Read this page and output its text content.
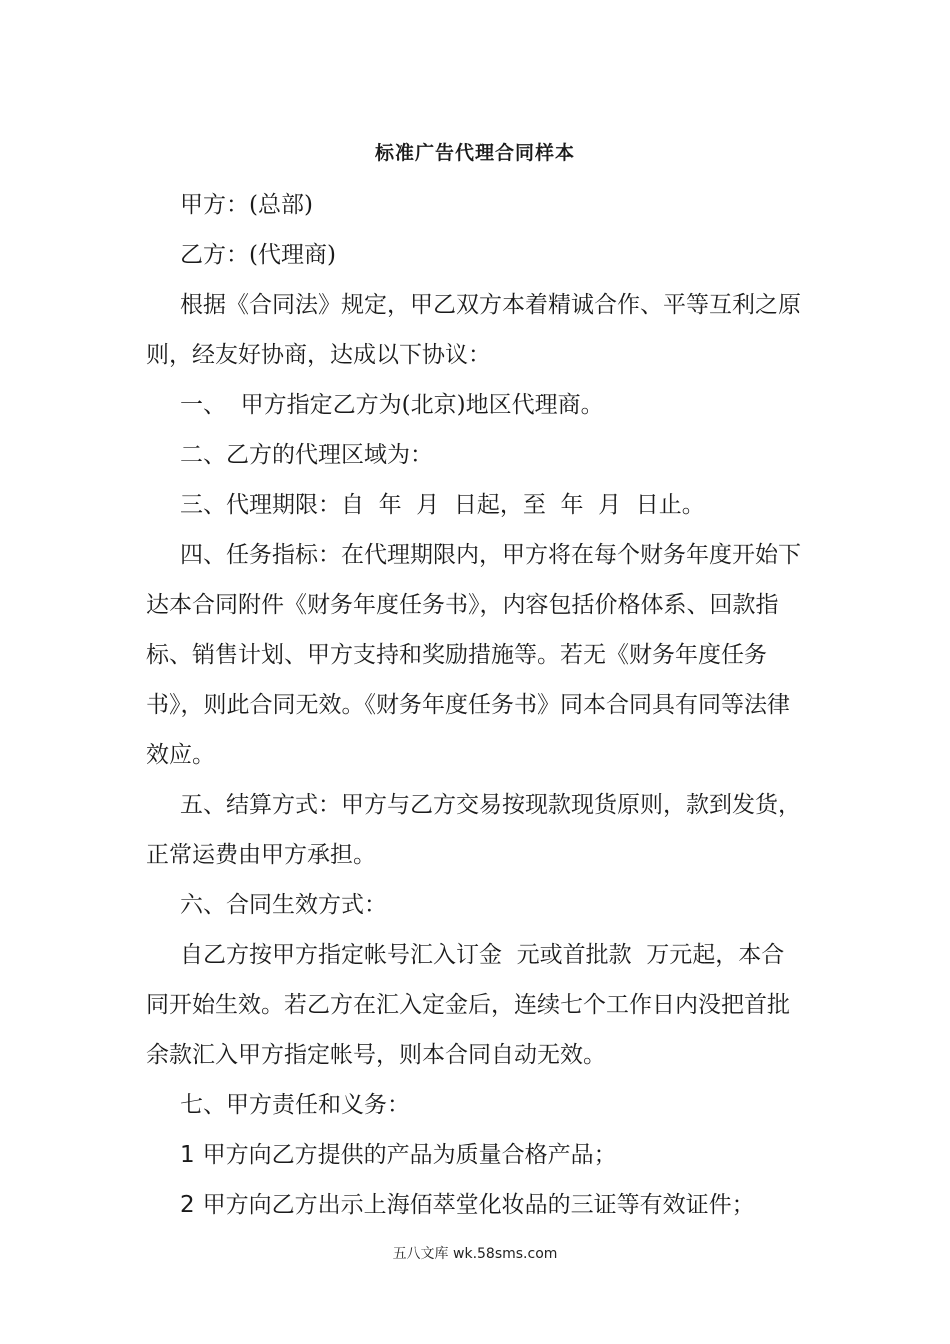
标准广告代理合同样本

甲方：(总部)

乙方：(代理商)

根据《合同法》规定，甲乙双方本着精诚合作、平等互利之原则，经友好协商，达成以下协议：

一、  甲方指定乙方为(北京)地区代理商。

二、乙方的代理区域为：

三、代理期限：自  年  月  日起，至  年  月  日止。

四、任务指标：在代理期限内，甲方将在每个财务年度开始下达本合同附件《财务年度任务书》，内容包括价格体系、回款指标、销售计划、甲方支持和奖励措施等。若无《财务年度任务书》，则此合同无效。《财务年度任务书》同本合同具有同等法律效应。

五、结算方式：甲方与乙方交易按现款现货原则，款到发货，正常运费由甲方承担。

六、合同生效方式：

自乙方按甲方指定帐号汇入订金  元或首批款  万元起，本合同开始生效。若乙方在汇入定金后，连续七个工作日内没把首批余款汇入甲方指定帐号，则本合同自动无效。

七、甲方责任和义务：

1 甲方向乙方提供的产品为质量合格产品；

2 甲方向乙方出示上海佰萃堂化妆品的三证等有效证件；

五八文库 wk.58sms.com
